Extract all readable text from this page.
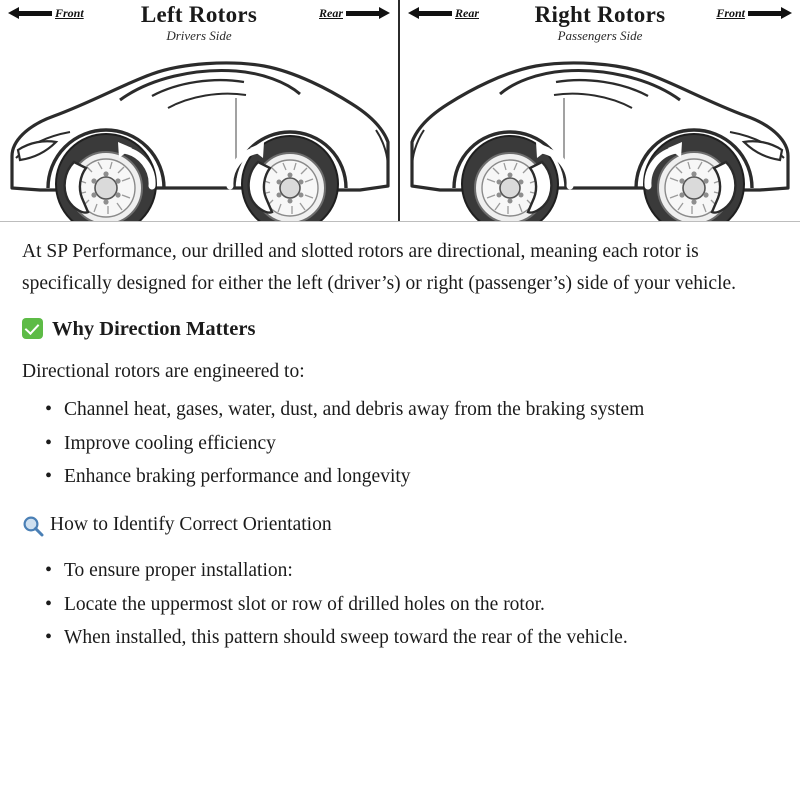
Left Rotors
Drivers Side
Front	Rear
Rotation	Rotation
Right Rotors
Passengers Side
Rear	Front
Rotation	Rotation

At SP Performance, our drilled and slotted rotors are directional, meaning each rotor is specifically designed for either the left (driver’s) or right (passenger’s) side of your vehicle.

Why Direction Matters

Directional rotors are engineered to:

• Channel heat, gases, water, dust, and debris away from the braking system
• Improve cooling efficiency
• Enhance braking performance and longevity
How to Identify Correct Orientation
• To ensure proper installation:
• Locate the uppermost slot or row of drilled holes on the rotor.
• When installed, this pattern should sweep toward the rear of the vehicle.
